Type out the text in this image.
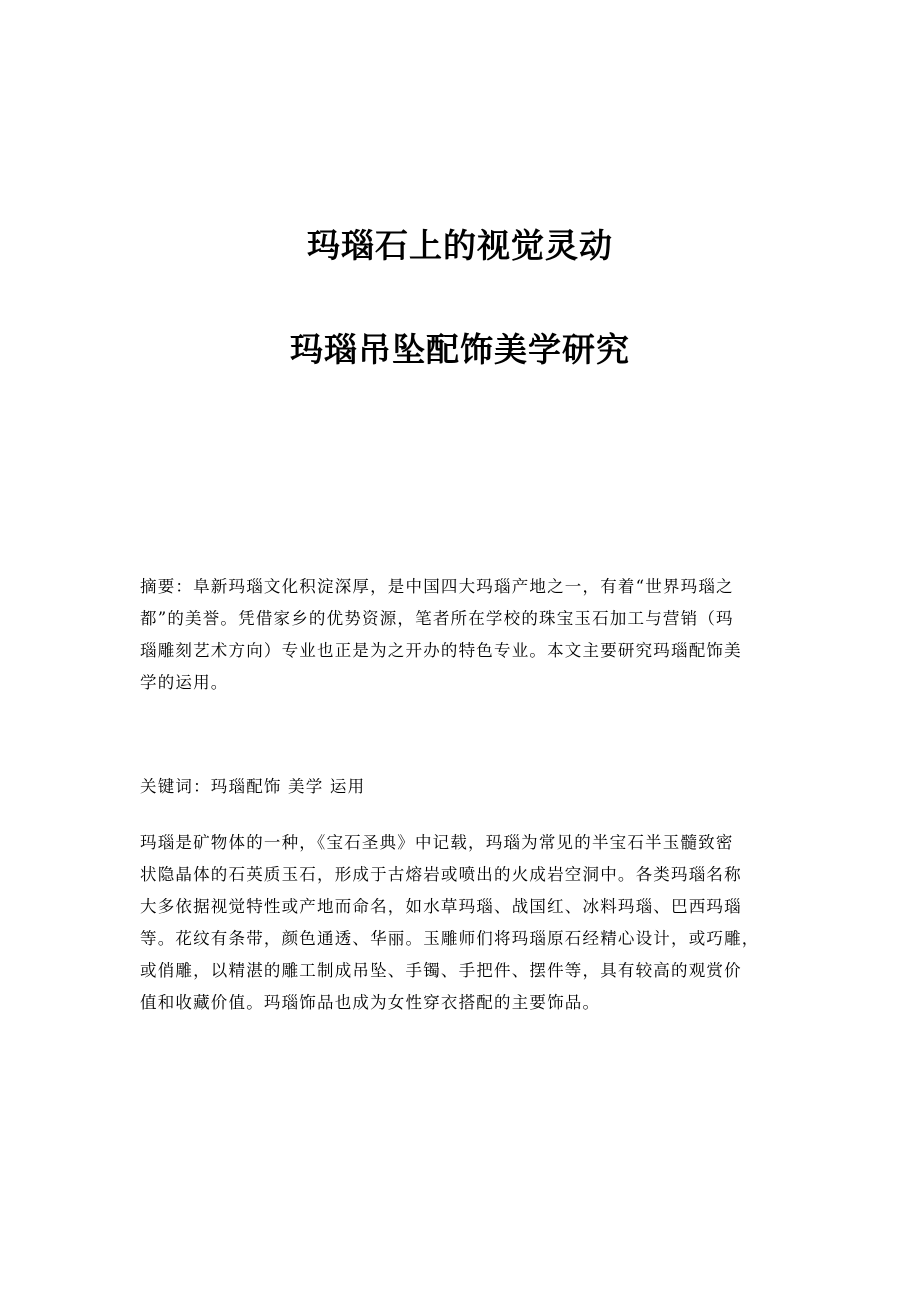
玛瑙石上的视觉灵动
玛瑙吊坠配饰美学研究
摘要：阜新玛瑙文化积淀深厚，是中国四大玛瑙产地之一，有着“世界玛瑙之
都”的美誉。凭借家乡的优势资源，笔者所在学校的珠宝玉石加工与营销（玛
瑙雕刻艺术方向）专业也正是为之开办的特色专业。本文主要研究玛瑙配饰美
学的运用。
关键词：玛瑙配饰 美学 运用
玛瑙是矿物体的一种，《宝石圣典》中记载，玛瑙为常见的半宝石半玉髓致密
状隐晶体的石英质玉石，形成于古熔岩或喷出的火成岩空洞中。各类玛瑙名称
大多依据视觉特性或产地而命名，如水草玛瑙、战国红、冰料玛瑙、巴西玛瑙
等。花纹有条带，颜色通透、华丽。玉雕师们将玛瑙原石经精心设计，或巧雕，
或俏雕，以精湛的雕工制成吊坠、手镯、手把件、摆件等，具有较高的观赏价
值和收藏价值。玛瑙饰品也成为女性穿衣搭配的主要饰品。
